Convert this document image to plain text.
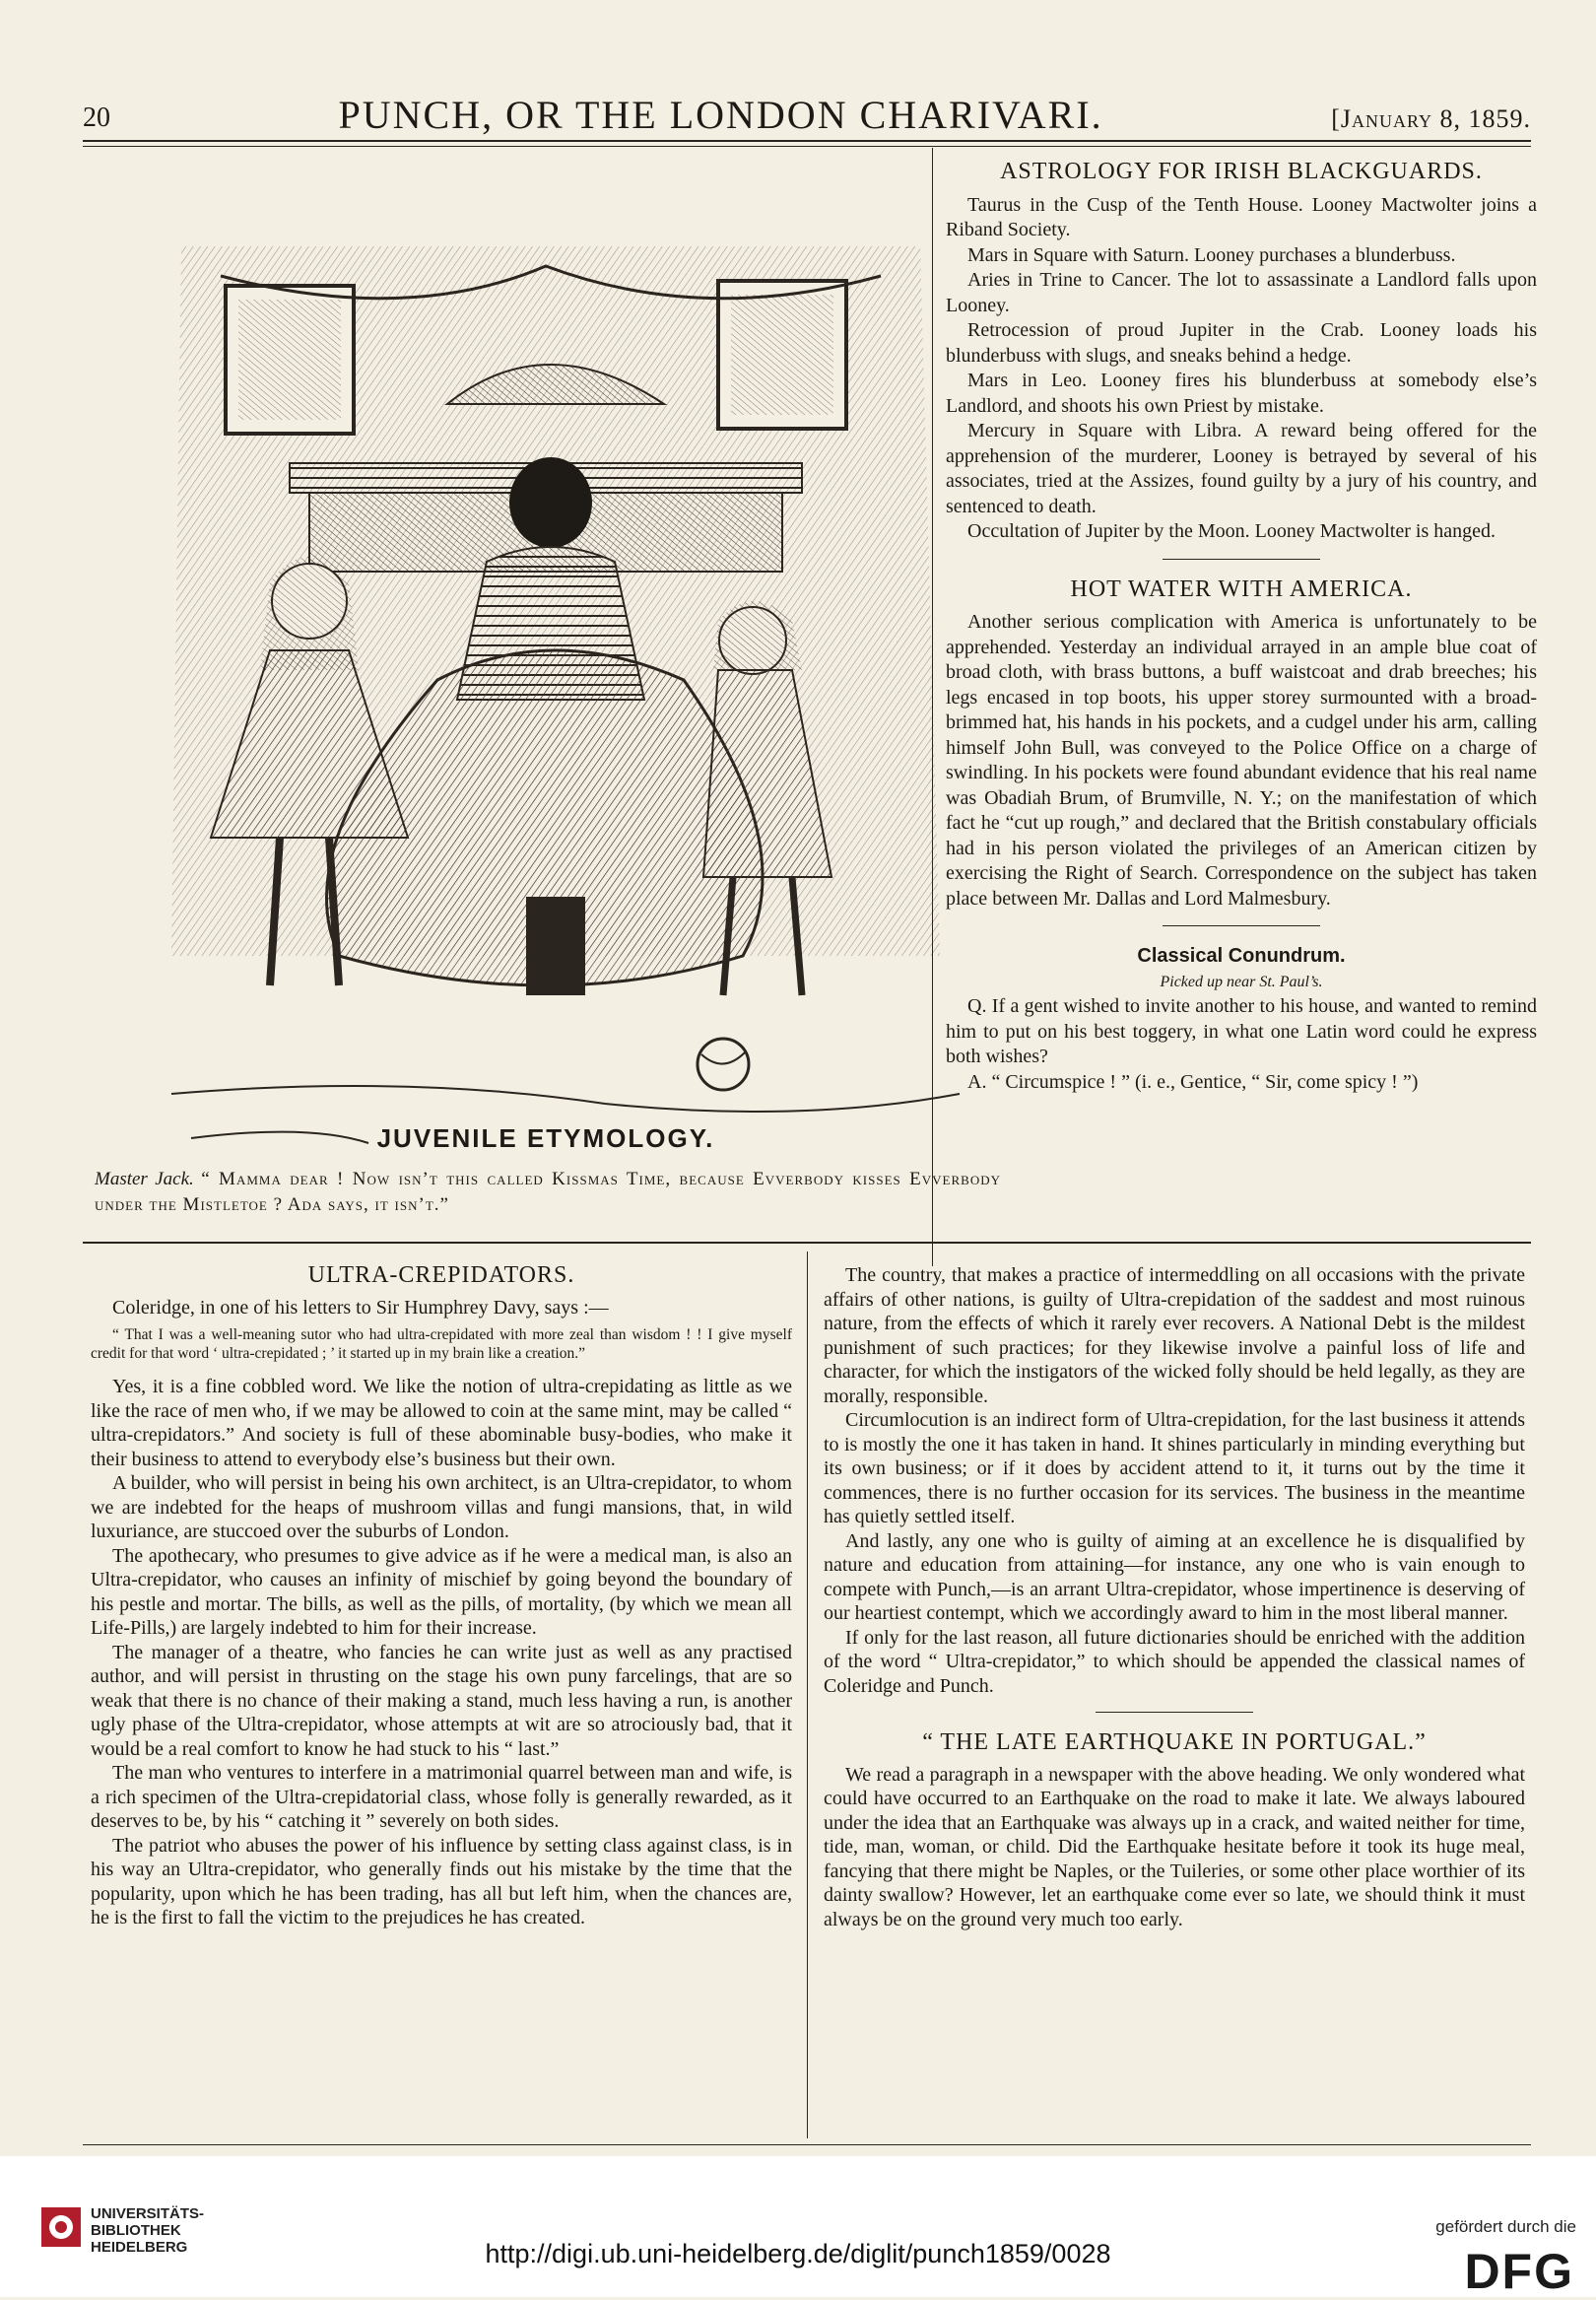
20	PUNCH, OR THE LONDON CHARIVARI.	[January 8, 1859.
JUVENILE ETYMOLOGY.
Master Jack. “ Mamma dear ! Now isn’t this called Kissmas Time, because Evverbody kisses Evverbody under the Mistletoe ? Ada says, it isn’t.”
ASTROLOGY FOR IRISH BLACKGUARDS.

Taurus in the Cusp of the Tenth House. Looney Mactwolter joins a Riband Society.

Mars in Square with Saturn. Looney purchases a blunderbuss.

Aries in Trine to Cancer. The lot to assassinate a Landlord falls upon Looney.

Retrocession of proud Jupiter in the Crab. Looney loads his blunderbuss with slugs, and sneaks behind a hedge.

Mars in Leo. Looney fires his blunderbuss at somebody else’s Landlord, and shoots his own Priest by mistake.

Mercury in Square with Libra. A reward being offered for the apprehension of the murderer, Looney is betrayed by several of his associates, tried at the Assizes, found guilty by a jury of his country, and sentenced to death.

Occultation of Jupiter by the Moon. Looney Mactwolter is hanged.

HOT WATER WITH AMERICA.

Another serious complication with America is unfortunately to be apprehended. Yesterday an individual arrayed in an ample blue coat of broad cloth, with brass buttons, a buff waistcoat and drab breeches; his legs encased in top boots, his upper storey surmounted with a broad-brimmed hat, his hands in his pockets, and a cudgel under his arm, calling himself John Bull, was conveyed to the Police Office on a charge of swindling. In his pockets were found abundant evidence that his real name was Obadiah Brum, of Brumville, N. Y.; on the manifestation of which fact he “cut up rough,” and declared that the British constabulary officials had in his person violated the privileges of an American citizen by exercising the Right of Search. Correspondence on the subject has taken place between Mr. Dallas and Lord Malmesbury.

Classical Conundrum.

Picked up near St. Paul’s.

Q. If a gent wished to invite another to his house, and wanted to remind him to put on his best toggery, in what one Latin word could he express both wishes?

A. “ Circumspice ! ” (i. e., Gentice, “ Sir, come spicy ! ”)

ULTRA-CREPIDATORS.

Coleridge, in one of his letters to Sir Humphrey Davy, says :—

“ That I was a well-meaning sutor who had ultra-crepidated with more zeal than wisdom ! ! I give myself credit for that word ‘ ultra-crepidated ; ’ it started up in my brain like a creation.”

Yes, it is a fine cobbled word. We like the notion of ultra-crepidating as little as we like the race of men who, if we may be allowed to coin at the same mint, may be called “ ultra-crepidators.” And society is full of these abominable busy-bodies, who make it their business to attend to everybody else’s business but their own.

A builder, who will persist in being his own architect, is an Ultra-crepidator, to whom we are indebted for the heaps of mushroom villas and fungi mansions, that, in wild luxuriance, are stuccoed over the suburbs of London.

The apothecary, who presumes to give advice as if he were a medical man, is also an Ultra-crepidator, who causes an infinity of mischief by going beyond the boundary of his pestle and mortar. The bills, as well as the pills, of mortality, (by which we mean all Life-Pills,) are largely indebted to him for their increase.

The manager of a theatre, who fancies he can write just as well as any practised author, and will persist in thrusting on the stage his own puny farcelings, that are so weak that there is no chance of their making a stand, much less having a run, is another ugly phase of the Ultra-crepidator, whose attempts at wit are so atrociously bad, that it would be a real comfort to know he had stuck to his “ last.”

The man who ventures to interfere in a matrimonial quarrel between man and wife, is a rich specimen of the Ultra-crepidatorial class, whose folly is generally rewarded, as it deserves to be, by his “ catching it ” severely on both sides.

The patriot who abuses the power of his influence by setting class against class, is in his way an Ultra-crepidator, who generally finds out his mistake by the time that the popularity, upon which he has been trading, has all but left him, when the chances are, he is the first to fall the victim to the prejudices he has created.

The country, that makes a practice of intermeddling on all occasions with the private affairs of other nations, is guilty of Ultra-crepidation of the saddest and most ruinous nature, from the effects of which it rarely ever recovers. A National Debt is the mildest punishment of such practices; for they likewise involve a painful loss of life and character, for which the instigators of the wicked folly should be held legally, as they are morally, responsible.

Circumlocution is an indirect form of Ultra-crepidation, for the last business it attends to is mostly the one it has taken in hand. It shines particularly in minding everything but its own business; or if it does by accident attend to it, it turns out by the time it commences, there is no further occasion for its services. The business in the meantime has quietly settled itself.

And lastly, any one who is guilty of aiming at an excellence he is disqualified by nature and education from attaining—for instance, any one who is vain enough to compete with Punch,—is an arrant Ultra-crepidator, whose impertinence is deserving of our heartiest contempt, which we accordingly award to him in the most liberal manner.

If only for the last reason, all future dictionaries should be enriched with the addition of the word “ Ultra-crepidator,” to which should be appended the classical names of Coleridge and Punch.

“ THE LATE EARTHQUAKE IN PORTUGAL.”

We read a paragraph in a newspaper with the above heading. We only wondered what could have occurred to an Earthquake on the road to make it late. We always laboured under the idea that an Earthquake was always up in a crack, and waited neither for time, tide, man, woman, or child. Did the Earthquake hesitate before it took its huge meal, fancying that there might be Naples, or the Tuileries, or some other place worthier of its dainty swallow? However, let an earthquake come ever so late, we should think it must always be on the ground very much too early.

UNIVERSITÄTS-
BIBLIOTHEK
HEIDELBERG	http://digi.ub.uni-heidelberg.de/diglit/punch1859/0028
gefördert durch die
DFG
